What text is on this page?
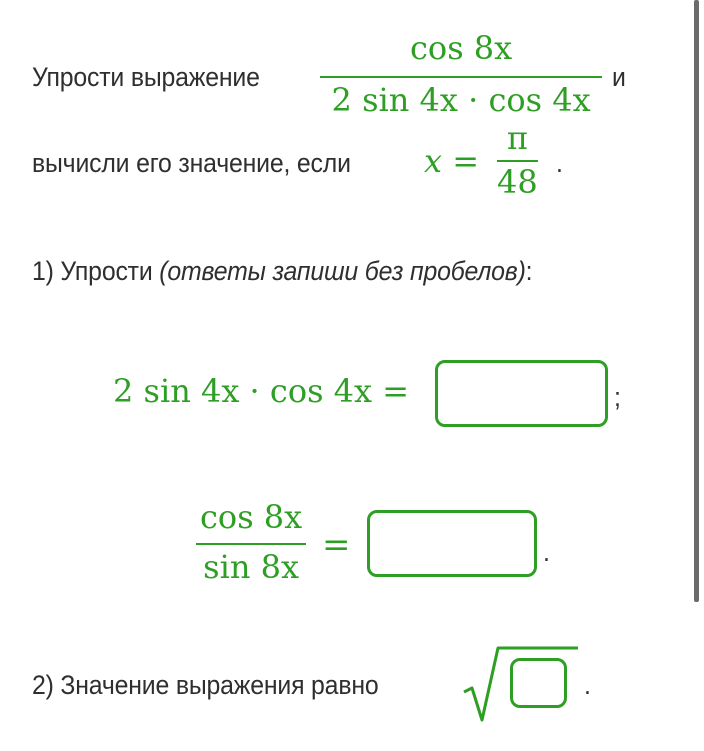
Упрости выражение
cos 8x
2 sin 4x · cos 4x
и
вычисли его значение, если x =
π
48 .
1) Упрости (ответы запиши без пробелов):
2 sin 4x · cos 4x =	;
cos 8x
sin 8x
=	.
2) Значение выражения равно	.
